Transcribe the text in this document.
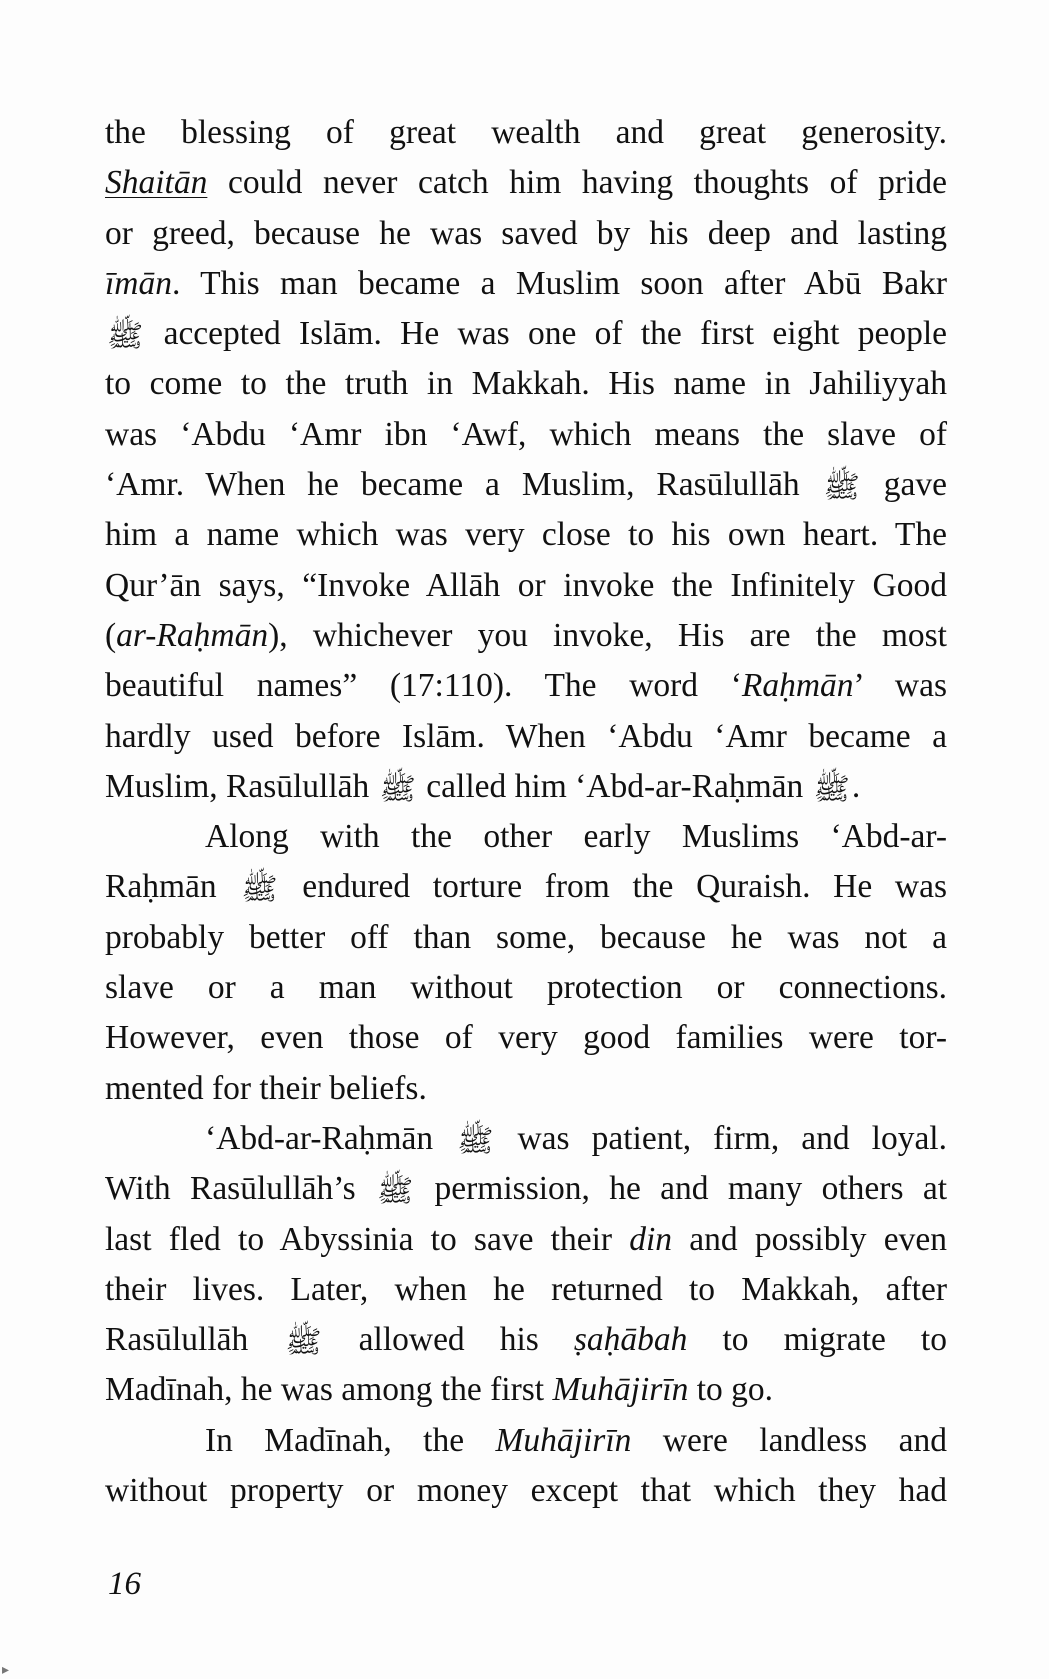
the blessing of great wealth and great generosity.
Shaitān could never catch him having thoughts of pride
or greed, because he was saved by his deep and lasting
īmān. This man became a Muslim soon after Abū Bakr
ﷺ accepted Islām. He was one of the first eight people
to come to the truth in Makkah. His name in Jahiliyyah
was ‘Abdu ‘Amr ibn ‘Awf, which means the slave of
‘Amr. When he became a Muslim, Rasūlullāh ﷺ gave
him a name which was very close to his own heart. The
Qur’ān says, “Invoke Allāh or invoke the Infinitely Good
(ar-Raḥmān), whichever you invoke, His are the most
beautiful names” (17:110). The word ‘Raḥmān’ was
hardly used before Islām. When ‘Abdu ‘Amr became a
Muslim, Rasūlullāh ﷺ called him ‘Abd-ar-Raḥmān ﷺ.
Along with the other early Muslims ‘Abd-ar-
Raḥmān ﷺ endured torture from the Quraish. He was
probably better off than some, because he was not a
slave or a man without protection or connections.
However, even those of very good families were tor-
mented for their beliefs.
‘Abd-ar-Raḥmān ﷺ was patient, firm, and loyal.
With Rasūlullāh’s ﷺ permission, he and many others at
last fled to Abyssinia to save their din and possibly even
their lives. Later, when he returned to Makkah, after
Rasūlullāh ﷺ allowed his ṣaḥābah to migrate to
Madīnah, he was among the first Muhājirīn to go.
In Madīnah, the Muhājirīn were landless and
without property or money except that which they had
16
▸
